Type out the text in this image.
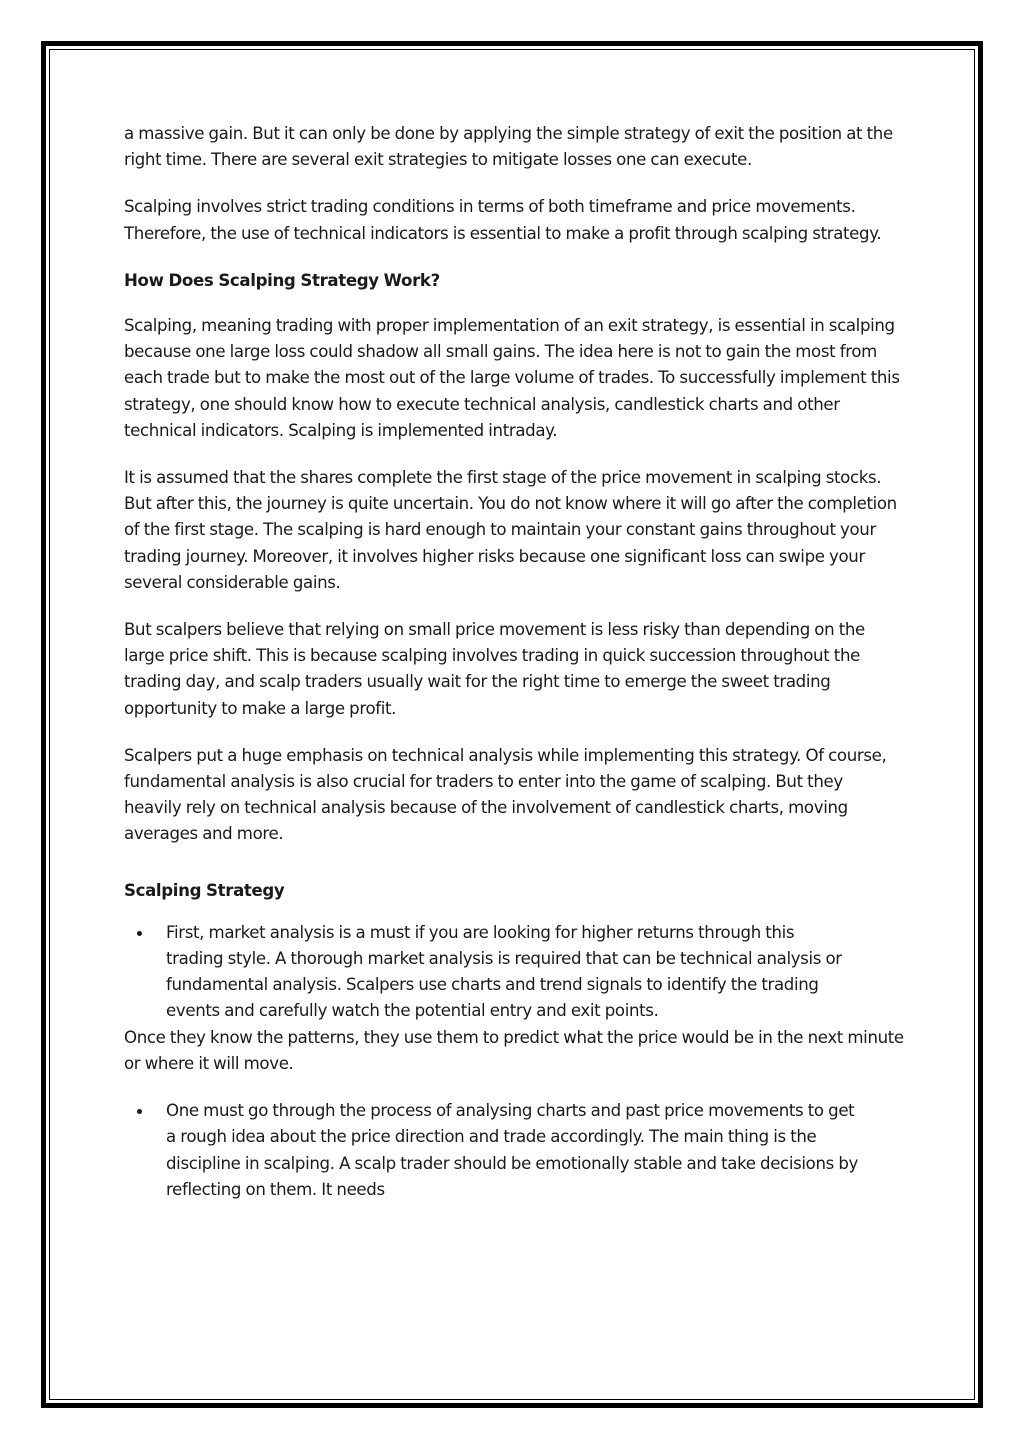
a massive gain. But it can only be done by applying the simple strategy of exit the position at the right time. There are several exit strategies to mitigate losses one can execute.

Scalping involves strict trading conditions in terms of both timeframe and price movements. Therefore, the use of technical indicators is essential to make a profit through scalping strategy.

How Does Scalping Strategy Work?

Scalping, meaning trading with proper implementation of an exit strategy, is essential in scalping because one large loss could shadow all small gains. The idea here is not to gain the most from each trade but to make the most out of the large volume of trades. To successfully implement this strategy, one should know how to execute technical analysis, candlestick charts and other technical indicators. Scalping is implemented intraday.

It is assumed that the shares complete the first stage of the price movement in scalping stocks. But after this, the journey is quite uncertain. You do not know where it will go after the completion of the first stage. The scalping is hard enough to maintain your constant gains throughout your trading journey. Moreover, it involves higher risks because one significant loss can swipe your several considerable gains.

But scalpers believe that relying on small price movement is less risky than depending on the large price shift. This is because scalping involves trading in quick succession throughout the trading day, and scalp traders usually wait for the right time to emerge the sweet trading opportunity to make a large profit.

Scalpers put a huge emphasis on technical analysis while implementing this strategy. Of course, fundamental analysis is also crucial for traders to enter into the game of scalping. But they heavily rely on technical analysis because of the involvement of candlestick charts, moving averages and more.

Scalping Strategy
First, market analysis is a must if you are looking for higher returns through this trading style. A thorough market analysis is required that can be technical analysis or fundamental analysis. Scalpers use charts and trend signals to identify the trading events and carefully watch the potential entry and exit points.

Once they know the patterns, they use them to predict what the price would be in the next minute or where it will move.

One must go through the process of analysing charts and past price movements to get a rough idea about the price direction and trade accordingly. The main thing is the discipline in scalping. A scalp trader should be emotionally stable and take decisions by reflecting on them. It needs
